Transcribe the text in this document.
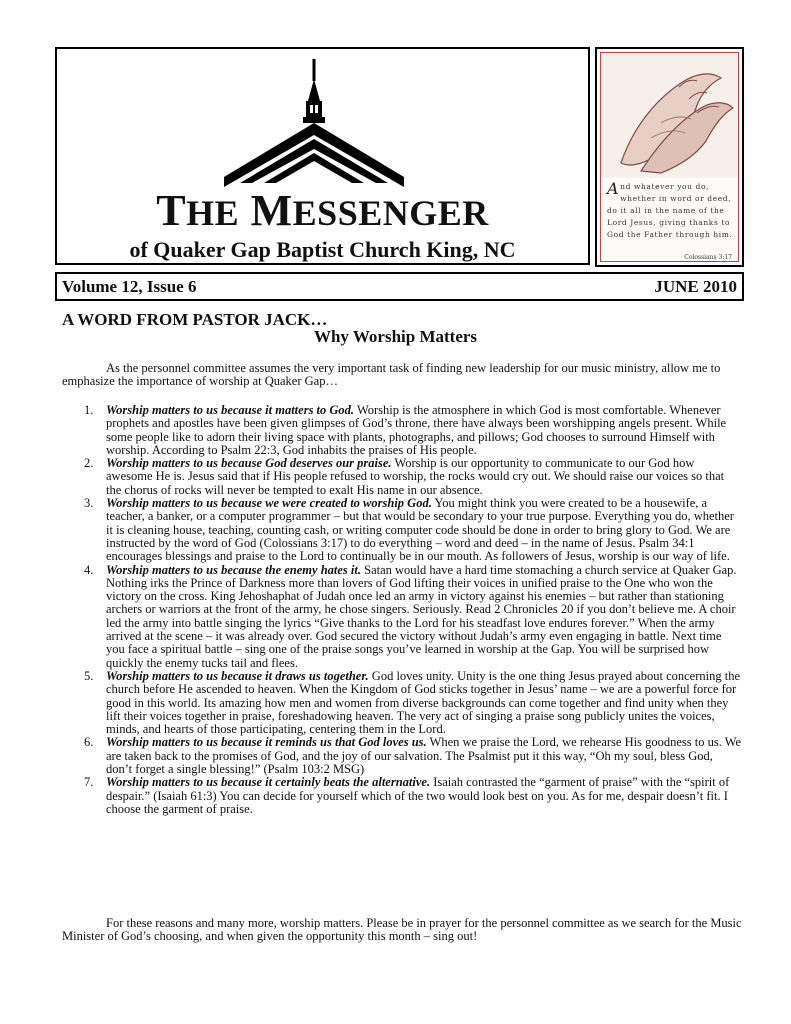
THE MESSENGER
of Quaker Gap Baptist Church King, NC
And whatever you do, whether in word or deed, do it all in the name of the Lord Jesus, giving thanks to God the Father through him.
Colossians 3:17
Volume 12, Issue 6	JUNE 2010
A WORD FROM PASTOR JACK…
Why Worship Matters

As the personnel committee assumes the very important task of finding new leadership for our music ministry, allow me to emphasize the importance of worship at Quaker Gap…

1. Worship matters to us because it matters to God. Worship is the atmosphere in which God is most comfortable. Whenever prophets and apostles have been given glimpses of God’s throne, there have always been worshipping angels present. While some people like to adorn their living space with plants, photographs, and pillows; God chooses to surround Himself with worship. According to Psalm 22:3, God inhabits the praises of His people.
2. Worship matters to us because God deserves our praise. Worship is our opportunity to communicate to our God how awesome He is. Jesus said that if His people refused to worship, the rocks would cry out. We should raise our voices so that the chorus of rocks will never be tempted to exalt His name in our absence.
3. Worship matters to us because we were created to worship God. You might think you were created to be a housewife, a teacher, a banker, or a computer programmer – but that would be secondary to your true purpose. Everything you do, whether it is cleaning house, teaching, counting cash, or writing computer code should be done in order to bring glory to God. We are instructed by the word of God (Colossians 3:17) to do everything – word and deed – in the name of Jesus. Psalm 34:1 encourages blessings and praise to the Lord to continually be in our mouth. As followers of Jesus, worship is our way of life.
4. Worship matters to us because the enemy hates it. Satan would have a hard time stomaching a church service at Quaker Gap. Nothing irks the Prince of Darkness more than lovers of God lifting their voices in unified praise to the One who won the victory on the cross. King Jehoshaphat of Judah once led an army in victory against his enemies – but rather than stationing archers or warriors at the front of the army, he chose singers. Seriously. Read 2 Chronicles 20 if you don’t believe me. A choir led the army into battle singing the lyrics “Give thanks to the Lord for his steadfast love endures forever.” When the army arrived at the scene – it was already over. God secured the victory without Judah’s army even engaging in battle. Next time you face a spiritual battle – sing one of the praise songs you’ve learned in worship at the Gap. You will be surprised how quickly the enemy tucks tail and flees.
5. Worship matters to us because it draws us together. God loves unity. Unity is the one thing Jesus prayed about concerning the church before He ascended to heaven. When the Kingdom of God sticks together in Jesus’ name – we are a powerful force for good in this world. Its amazing how men and women from diverse backgrounds can come together and find unity when they lift their voices together in praise, foreshadowing heaven. The very act of singing a praise song publicly unites the voices, minds, and hearts of those participating, centering them in the Lord.
6. Worship matters to us because it reminds us that God loves us. When we praise the Lord, we rehearse His goodness to us. We are taken back to the promises of God, and the joy of our salvation. The Psalmist put it this way, “Oh my soul, bless God, don’t forget a single blessing!” (Psalm 103:2 MSG)
7. Worship matters to us because it certainly beats the alternative. Isaiah contrasted the “garment of praise” with the “spirit of despair.” (Isaiah 61:3) You can decide for yourself which of the two would look best on you. As for me, despair doesn’t fit. I choose the garment of praise.

For these reasons and many more, worship matters. Please be in prayer for the personnel committee as we search for the Music Minister of God’s choosing, and when given the opportunity this month – sing out!
